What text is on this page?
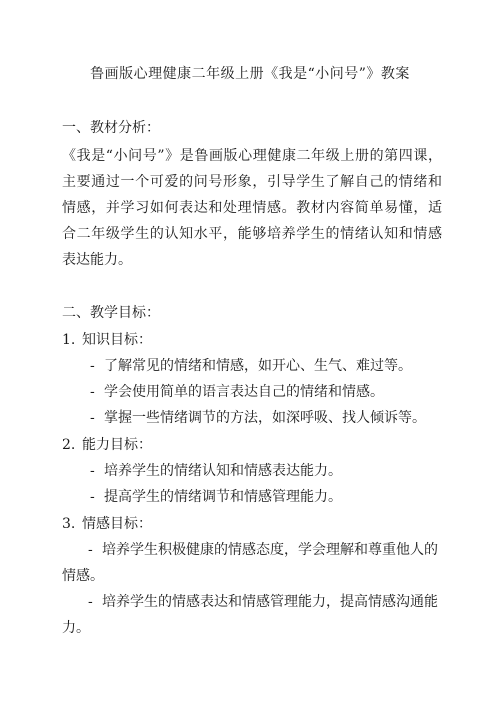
鲁画版心理健康二年级上册《我是“小问号”》教案
一、教材分析：
《我是“小问号”》是鲁画版心理健康二年级上册的第四课，
主要通过一个可爱的问号形象，引导学生了解自己的情绪和
情感，并学习如何表达和处理情感。教材内容简单易懂，适
合二年级学生的认知水平，能够培养学生的情绪认知和情感
表达能力。
二、教学目标：
1. 知识目标：
- 了解常见的情绪和情感，如开心、生气、难过等。
- 学会使用简单的语言表达自己的情绪和情感。
- 掌握一些情绪调节的方法，如深呼吸、找人倾诉等。
2. 能力目标：
- 培养学生的情绪认知和情感表达能力。
- 提高学生的情绪调节和情感管理能力。
3. 情感目标：
- 培养学生积极健康的情感态度，学会理解和尊重他人的
情感。
- 培养学生的情感表达和情感管理能力，提高情感沟通能
力。
